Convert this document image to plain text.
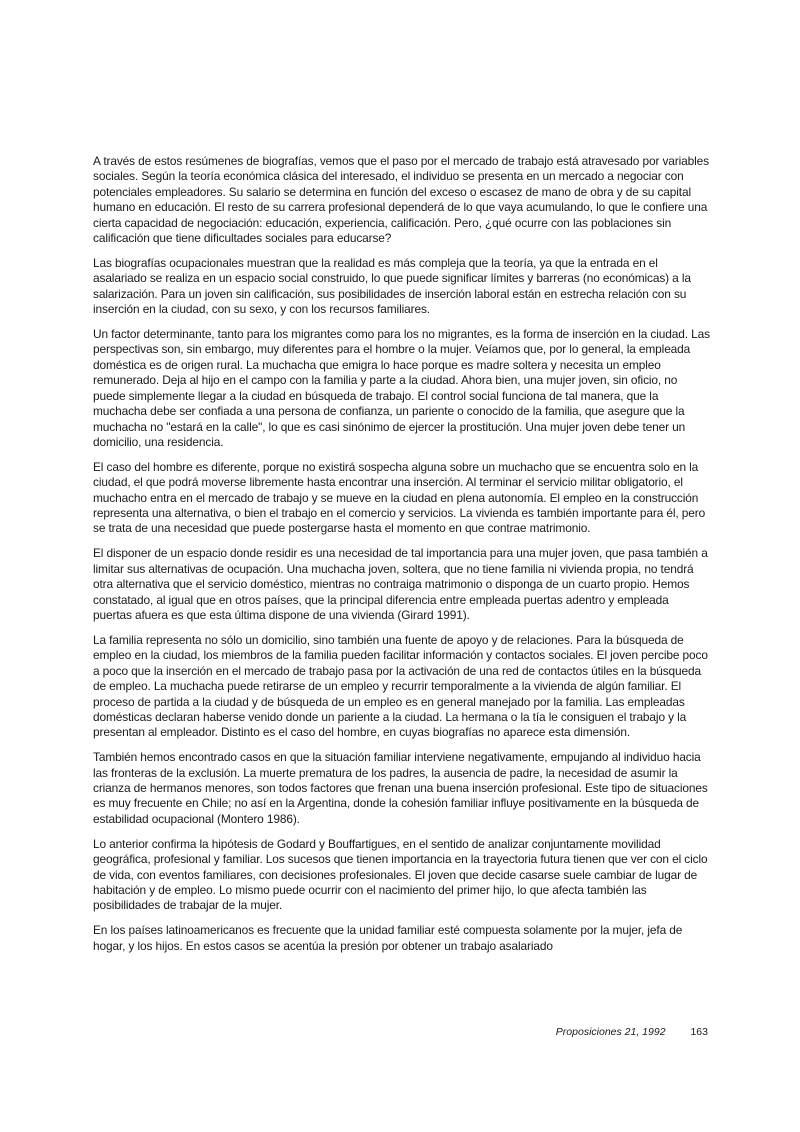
A través de estos resúmenes de biografías, vemos que el paso por el mercado de trabajo está atravesado por variables sociales. Según la teoría económica clásica del interesado, el individuo se presenta en un mercado a negociar con potenciales empleadores. Su salario se determina en función del exceso o escasez de mano de obra y de su capital humano en educación. El resto de su carrera profesional dependerá de lo que vaya acumulando, lo que le confiere una cierta capacidad de negociación: educación, experiencia, calificación. Pero, ¿qué ocurre con las poblaciones sin calificación que tiene dificultades sociales para educarse?

Las biografías ocupacionales muestran que la realidad es más compleja que la teoría, ya que la entrada en el asalariado se realiza en un espacio social construido, lo que puede significar límites y barreras (no económicas) a la salarización. Para un joven sin calificación, sus posibilidades de inserción laboral están en estrecha relación con su inserción en la ciudad, con su sexo, y con los recursos familiares.

Un factor determinante, tanto para los migrantes como para los no migrantes, es la forma de inserción en la ciudad. Las perspectivas son, sin embargo, muy diferentes para el hombre o la mujer. Veíamos que, por lo general, la empleada doméstica es de origen rural. La muchacha que emigra lo hace porque es madre soltera y necesita un empleo remunerado. Deja al hijo en el campo con la familia y parte a la ciudad. Ahora bien, una mujer joven, sin oficio, no puede simplemente llegar a la ciudad en búsqueda de trabajo. El control social funciona de tal manera, que la muchacha debe ser confiada a una persona de confianza, un pariente o conocido de la familia, que asegure que la muchacha no "estará en la calle", lo que es casi sinónimo de ejercer la prostitución. Una mujer joven debe tener un domicilio, una residencia.

El caso del hombre es diferente, porque no existirá sospecha alguna sobre un muchacho que se encuentra solo en la ciudad, el que podrá moverse libremente hasta encontrar una inserción. Al terminar el servicio militar obligatorio, el muchacho entra en el mercado de trabajo y se mueve en la ciudad en plena autonomía. El empleo en la construcción representa una alternativa, o bien el trabajo en el comercio y servicios. La vivienda es también importante para él, pero se trata de una necesidad que puede postergarse hasta el momento en que contrae matrimonio.

El disponer de un espacio donde residir es una necesidad de tal importancia para una mujer joven, que pasa también a limitar sus alternativas de ocupación. Una muchacha joven, soltera, que no tiene familia ni vivienda propia, no tendrá otra alternativa que el servicio doméstico, mientras no contraiga matrimonio o disponga de un cuarto propio. Hemos constatado, al igual que en otros países, que la principal diferencia entre empleada puertas adentro y empleada puertas afuera es que esta última dispone de una vivienda (Girard 1991).

La familia representa no sólo un domicilio, sino también una fuente de apoyo y de relaciones. Para la búsqueda de empleo en la ciudad, los miembros de la familia pueden facilitar información y contactos sociales. El joven percibe poco a poco que la inserción en el mercado de trabajo pasa por la activación de una red de contactos útiles en la búsqueda de empleo. La muchacha puede retirarse de un empleo y recurrir temporalmente a la vivienda de algún familiar. El proceso de partida a la ciudad y de búsqueda de un empleo es en general manejado por la familia. Las empleadas domésticas declaran haberse venido donde un pariente a la ciudad. La hermana o la tía le consiguen el trabajo y la presentan al empleador. Distinto es el caso del hombre, en cuyas biografías no aparece esta dimensión.

También hemos encontrado casos en que la situación familiar interviene negativamente, empujando al individuo hacia las fronteras de la exclusión. La muerte prematura de los padres, la ausencia de padre, la necesidad de asumir la crianza de hermanos menores, son todos factores que frenan una buena inserción profesional. Este tipo de situaciones es muy frecuente en Chile; no así en la Argentina, donde la cohesión familiar influye positivamente en la búsqueda de estabilidad ocupacional (Montero 1986).

Lo anterior confirma la hipótesis de Godard y Bouffartigues, en el sentido de analizar conjuntamente movilidad geográfica, profesional y familiar. Los sucesos que tienen importancia en la trayectoria futura tienen que ver con el ciclo de vida, con eventos familiares, con decisiones profesionales. El joven que decide casarse suele cambiar de lugar de habitación y de empleo. Lo mismo puede ocurrir con el nacimiento del primer hijo, lo que afecta también las posibilidades de trabajar de la mujer.

En los países latinoamericanos es frecuente que la unidad familiar esté compuesta solamente por la mujer, jefa de hogar, y los hijos. En estos casos se acentúa la presión por obtener un trabajo asalariado

Proposiciones 21, 1992 163
